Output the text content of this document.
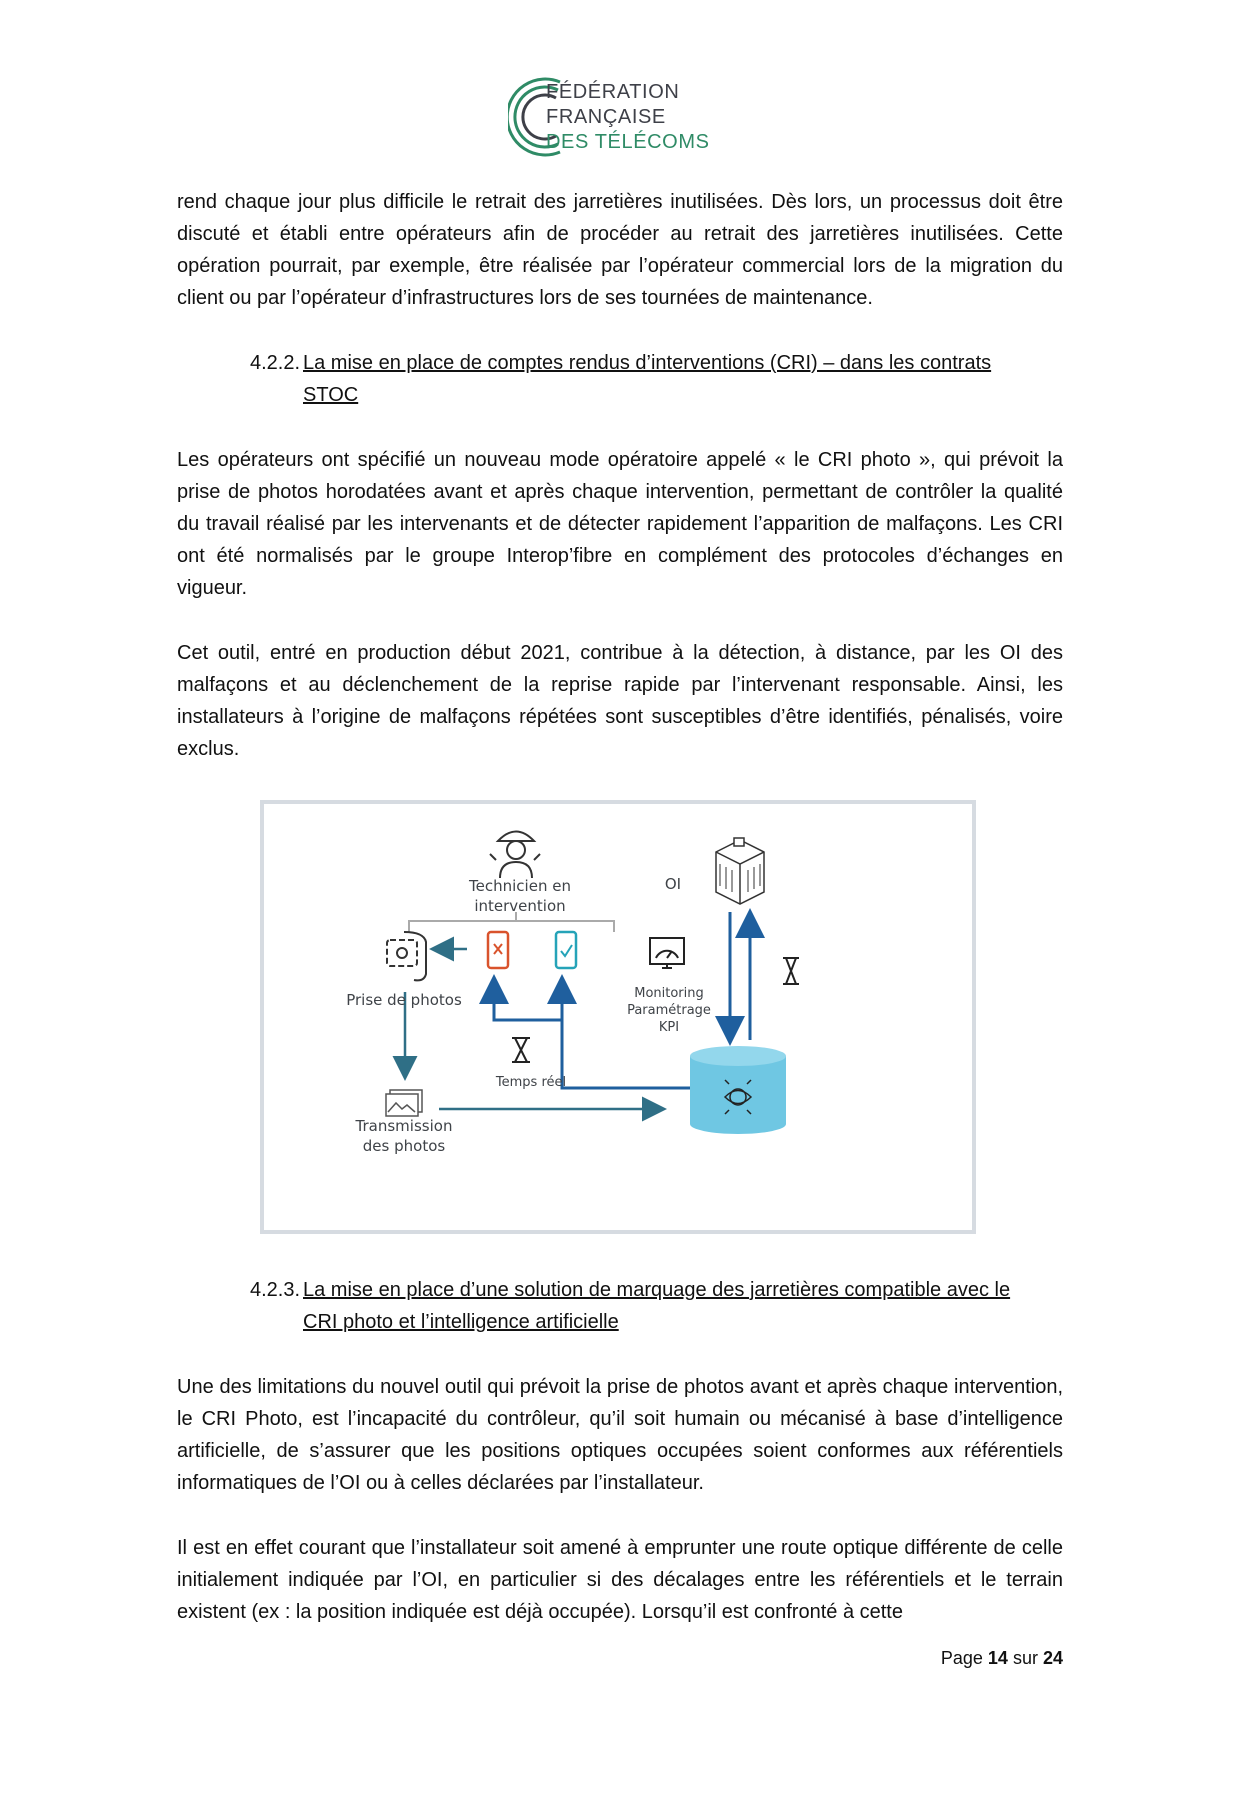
FÉDÉRATION
FRANÇAISE
DES TÉLÉCOMS

rend chaque jour plus difficile le retrait des jarretières inutilisées. Dès lors, un processus doit être discuté et établi entre opérateurs afin de procéder au retrait des jarretières inutilisées. Cette opération pourrait, par exemple, être réalisée par l’opérateur commercial lors de la migration du client ou par l’opérateur d’infrastructures lors de ses tournées de maintenance.

4.2.2. La mise en place de comptes rendus d’interventions (CRI) – dans les contrats STOC

Les opérateurs ont spécifié un nouveau mode opératoire appelé « le CRI photo », qui prévoit la prise de photos horodatées avant et après chaque intervention, permettant de contrôler la qualité du travail réalisé par les intervenants et de détecter rapidement l’apparition de malfaçons. Les CRI ont été normalisés par le groupe Interop’fibre en complément des protocoles d’échanges en vigueur.

Cet outil, entré en production début 2021, contribue à la détection, à distance, par les OI des malfaçons et au déclenchement de la reprise rapide par l’intervenant responsable. Ainsi, les installateurs à l’origine de malfaçons répétées sont susceptibles d’être identifiés, pénalisés, voire exclus.

Technicien en intervention
Prise de photos
Transmission des photos
Temps réel
OI
Monitoring Paramétrage KPI
4.2.3. La mise en place d’une solution de marquage des jarretières compatible avec le CRI photo et l’intelligence artificielle

Une des limitations du nouvel outil qui prévoit la prise de photos avant et après chaque intervention, le CRI Photo, est l’incapacité du contrôleur, qu’il soit humain ou mécanisé à base d’intelligence artificielle, de s’assurer que les positions optiques occupées soient conformes aux référentiels informatiques de l’OI ou à celles déclarées par l’installateur.

Il est en effet courant que l’installateur soit amené à emprunter une route optique différente de celle initialement indiquée par l’OI, en particulier si des décalages entre les référentiels et le terrain existent (ex : la position indiquée est déjà occupée). Lorsqu’il est confronté à cette

Page 14 sur 24
